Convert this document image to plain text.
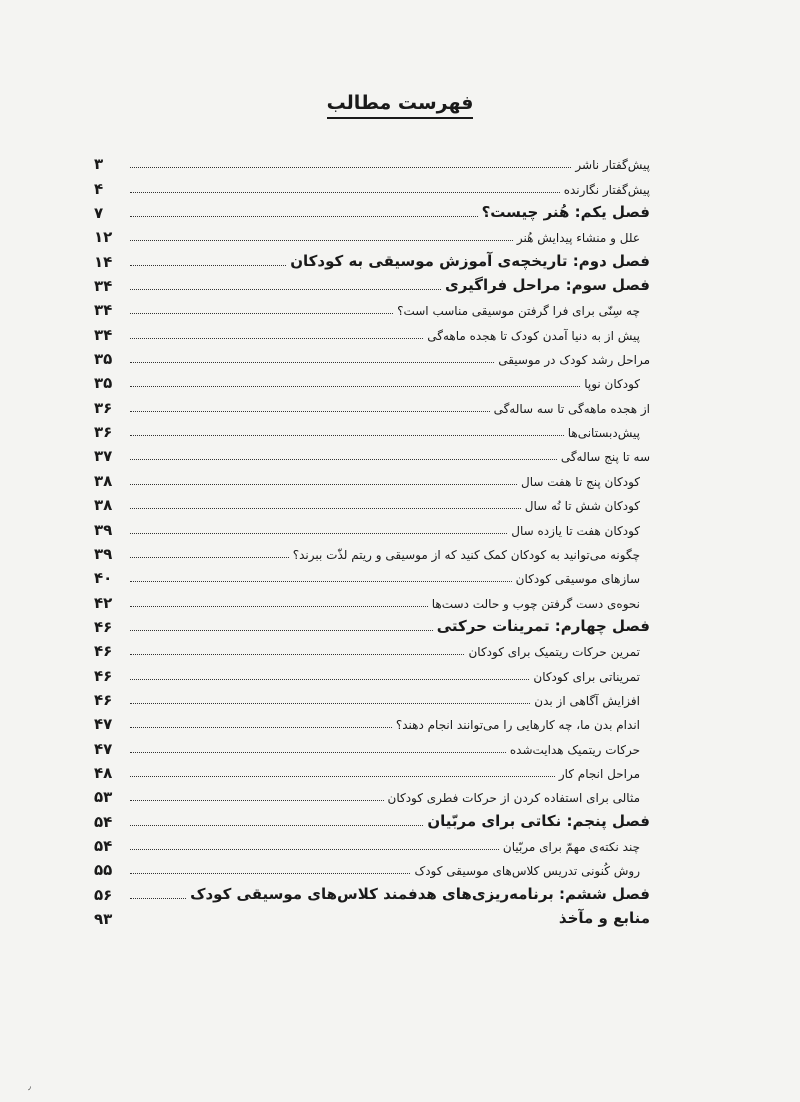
فهرست مطالب
پیش‌گفتار ناشر
۳
پیش‌گفتار نگارنده
۴
فصل یکم: هُنر چیست؟
۷
علل و منشاء پیدایش هُنر
۱۲
فصل دوم: تاریخچه‌ی آموزش موسیقی به کودکان
۱۴
فصل سوم: مراحل فراگیری
۳۴
چه سِنّی برای فرا گرفتن موسیقی مناسب است؟
۳۴
پیش از به دنیا آمدن کودک تا هجده ماهه‌گی
۳۴
مراحل رشد کودک در موسیقی
۳۵
کودکان نوپا
۳۵
از هجده ماهه‌گی تا سه ساله‌گی
۳۶
پیش‌دبستانی‌ها
۳۶
سه تا پنج ساله‌گی
۳۷
کودکان پنج تا هفت سال
۳۸
کودکان شش تا نُه سال
۳۸
کودکان هفت تا یازده سال
۳۹
چگونه می‌توانید به کودکان کمک کنید که از موسیقی و ریتم لذّت ببرند؟
۳۹
سازهای موسیقی کودکان
۴۰
نحوه‌ی دست گرفتن چوب و حالت دست‌ها
۴۲
فصل چهارم: تمرینات حرکتی
۴۶
تمرین حرکات ریتمیک برای کودکان
۴۶
تمریناتی برای کودکان
۴۶
افزایش آگاهی از بدن
۴۶
اندام بدن ما، چه کارهایی را می‌توانند انجام دهند؟
۴۷
حرکات ریتمیک هدایت‌شده
۴۷
مراحل انجام کار
۴۸
مثالی برای استفاده کردن از حرکات فطری کودکان
۵۳
فصل پنجم: نکاتی برای مربّیان
۵۴
چند نکته‌ی مهمّ برای مربّیان
۵۴
روش کُنونی تدریس کلاس‌های موسیقی کودک
۵۵
فصل ششم: برنامه‌ریزی‌های هدفمند کلاس‌های موسیقی کودک
۵۶
منابع و مآخذ
۹۳
٫
